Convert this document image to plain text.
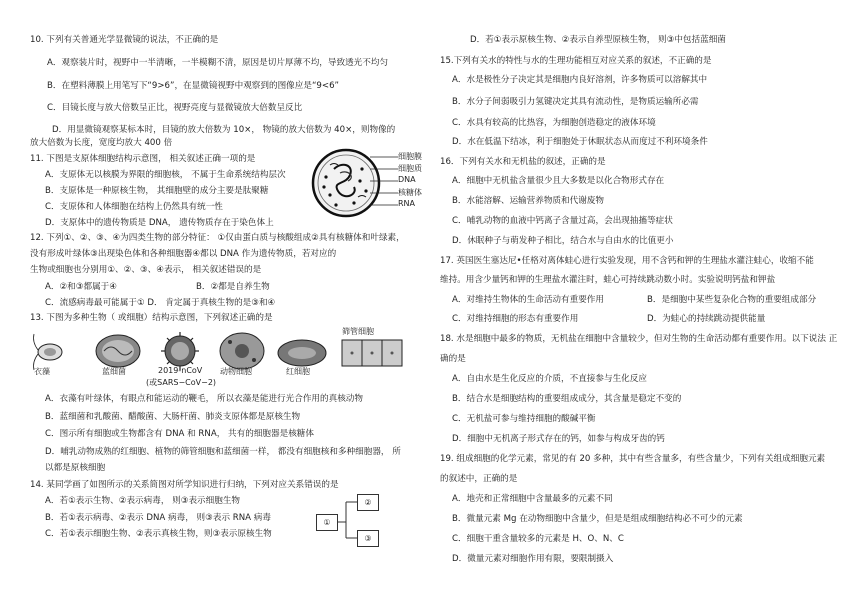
10. 下列有关普通光学显微镜的说法，不正确的是
A．观察装片时，视野中一半清晰，一半模糊不清，原因是切片厚薄不均，导致透光不均匀
B．在塑料薄膜上用笔写下“9>6”，在显微镜视野中观察到的图像应是“9<6”
C．目镜长度与放大倍数呈正比，视野亮度与显微镜放大倍数呈反比
D．用显微镜观察某标本时，目镜的放大倍数为 10×， 物镜的放大倍数为 40×，则物像的
放大倍数为长度，宽度均放大 400 倍
11. 下图是支原体细胞结构示意图， 相关叙述正确一项的是
A．支原体无以核膜为界限的细胞核， 不属于生命系统结构层次
B．支原体是一种原核生物， 其细胞壁的成分主要是肽聚糖
C．支原体和人体细胞在结构上仍然具有统一性
D．支原体中的遗传物质是 DNA， 遗传物质存在于染色体上
细胞膜
细胞质
DNA
核糖体
RNA
12. 下列①、②、③、④为四类生物的部分特征： ①仅由蛋白质与核酸组成②具有核糖体和叶绿素，
没有形成叶绿体③出现染色体和各种细胞器④都以 DNA 作为遗传物质，若对应的
生物或细胞也分别用①、②、③、④表示， 相关叙述错误的是
A．②和③都属于④	B．②都是自养生物
C．流感病毒最可能属于① D． 肯定属于真核生物的是③和④
13. 下图为多种生物（ 或细胞）结构示意图，下列叙述正确的是
衣藻	蓝细菌	2019-nCoV 动物细胞	红细胞
筛管细胞
(或SARS−CoV−2)
A．衣藻有叶绿体，有眼点和能运动的鞭毛， 所以衣藻是能进行光合作用的真核动物
B．蓝细菌和乳酸菌、醋酸菌、大肠杆菌、肺炎支原体都是原核生物
C．图示所有细胞或生物都含有 DNA 和 RNA， 共有的细胞器是核糖体
D．哺乳动物成熟的红细胞、植物的筛管细胞和蓝细菌一样， 都没有细胞核和多种细胞器， 所
以都是原核细胞
14. 某同学画了如图所示的关系简图对所学知识进行归纳，下列对应关系错误的是
A．若①表示生物、②表示病毒， 则③表示细胞生物
B．若①表示病毒、②表示 DNA 病毒， 则③表示 RNA 病毒
C．若①表示细胞生物、②表示真核生物，则③表示原核生物
①
②
③
D．若①表示原核生物、②表示自养型原核生物， 则③中包括蓝细菌
15.下列有关水的特性与水的生理功能相互对应关系的叙述，不正确的是
A．水是极性分子决定其是细胞内良好溶剂，许多物质可以溶解其中
B．水分子间弱吸引力氢键决定其具有流动性，是物质运输所必需
C．水具有较高的比热容，为细胞创造稳定的液体环境
D．水在低温下结冰，利于细胞处于休眠状态从而度过不利环境条件
16．下列有关水和无机盐的叙述，正确的是
A．细胞中无机盐含量很少且大多数是以化合物形式存在
B．水能溶解、运输营养物质和代谢废物
C．哺乳动物的血液中钙离子含量过高，会出现抽搐等症状
D．休眠种子与萌发种子相比，结合水与自由水的比值更小
17. 英国医生塞达尼•任格对离体蛙心进行实验发现，用不含钙和钾的生理盐水灌注蛙心，收缩不能
维持。用含少量钙和钾的生理盐水灌注时，蛙心可持续跳动数小时。实验说明钙盐和钾盐
A．对维持生物体的生命活动有重要作用	B．是细胞中某些复杂化合物的重要组成部分
C．对维持细胞的形态有重要作用	D．为蛙心的持续跳动提供能量
18. 水是细胞中最多的物质，无机盐在细胞中含量较少，但对生物的生命活动都有重要作用。以下说法 正
确的是
A．自由水是生化反应的介质，不直接参与生化反应
B．结合水是细胞结构的重要组成成分，其含量是稳定不变的
C．无机盐可参与维持细胞的酸碱平衡
D．细胞中无机离子形式存在的钙，如参与构成牙齿的钙
19. 组成细胞的化学元素，常见的有 20 多种，其中有些含量多，有些含量少，下列有关组成细胞元素
的叙述中，正确的是
A．地壳和正常细胞中含量最多的元素不同
B．微量元素 Mg 在动物细胞中含量少，但是是组成细胞结构必不可少的元素
C．细胞干重含量较多的元素是 H、O、N、C
D．微量元素对细胞作用有限，要限制摄入
